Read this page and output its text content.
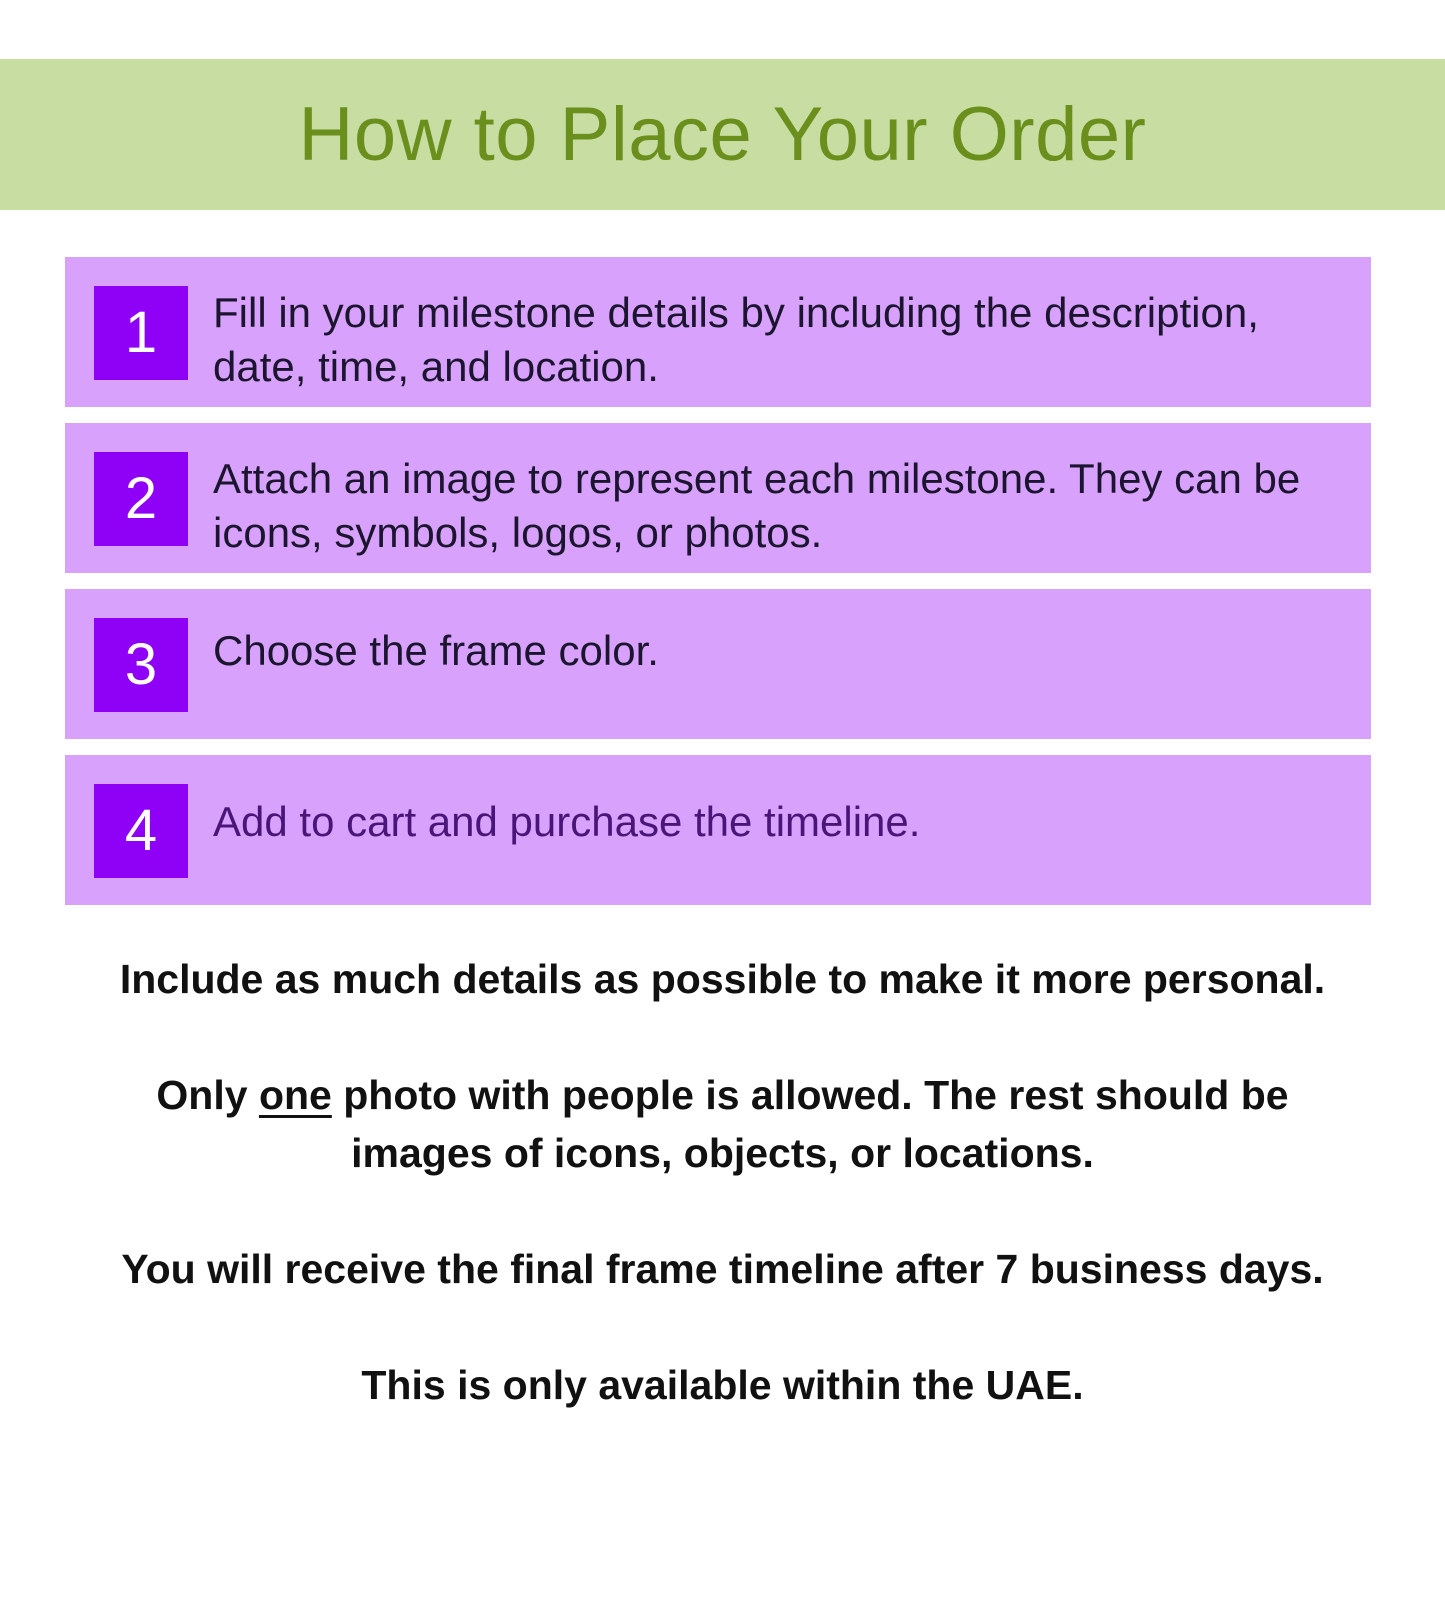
How to Place Your Order
1	Fill in your milestone details by including the description, date, time, and location.
2	Attach an image to represent each milestone. They can be icons, symbols, logos, or photos.
3	Choose the frame color.
4	Add to cart and purchase the timeline.

Include as much details as possible to make it more personal.

Only one photo with people is allowed. The rest should be images of icons, objects, or locations.

You will receive the final frame timeline after 7 business days.

This is only available within the UAE.
